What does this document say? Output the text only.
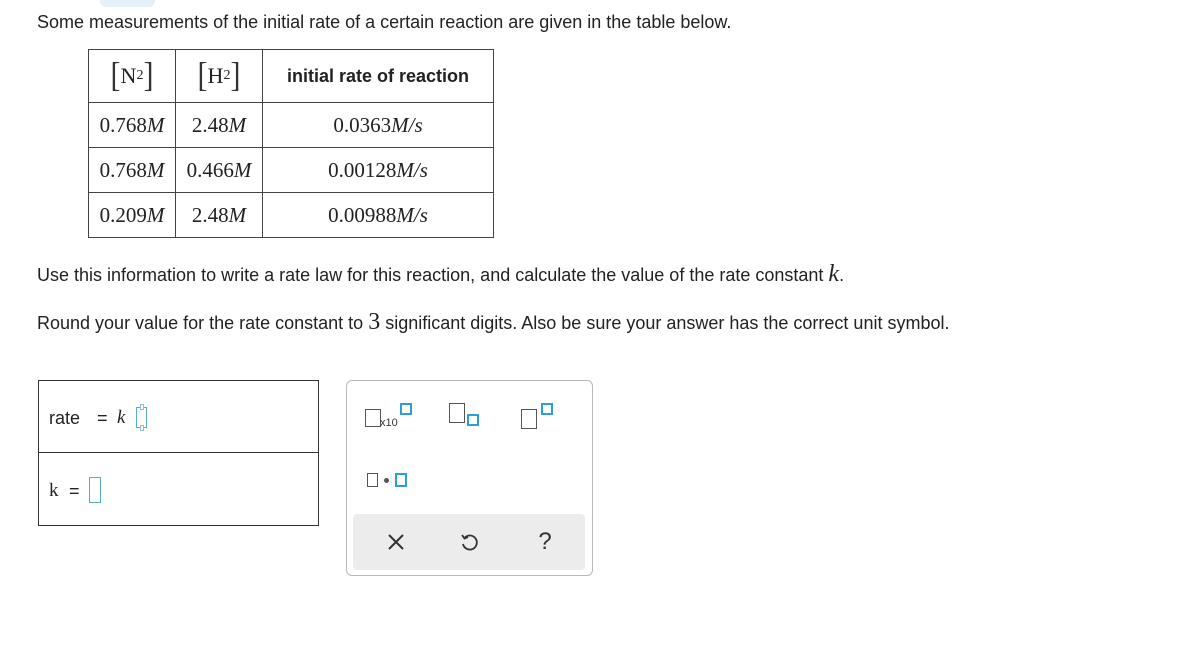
Some measurements of the initial rate of a certain reaction are given in the table below.
[ N 2 ]	[ H 2 ]	initial rate of reaction
0.768M	2.48M	0.0363M/s
0.768M	0.466M	0.00128M/s
0.209M	2.48M	0.00988M/s
Use this information to write a rate law for this reaction, and calculate the value of the rate constant k.
Round your value for the rate constant to 3 significant digits. Also be sure your answer has the correct unit symbol.
rate = k
k =
x10
?
